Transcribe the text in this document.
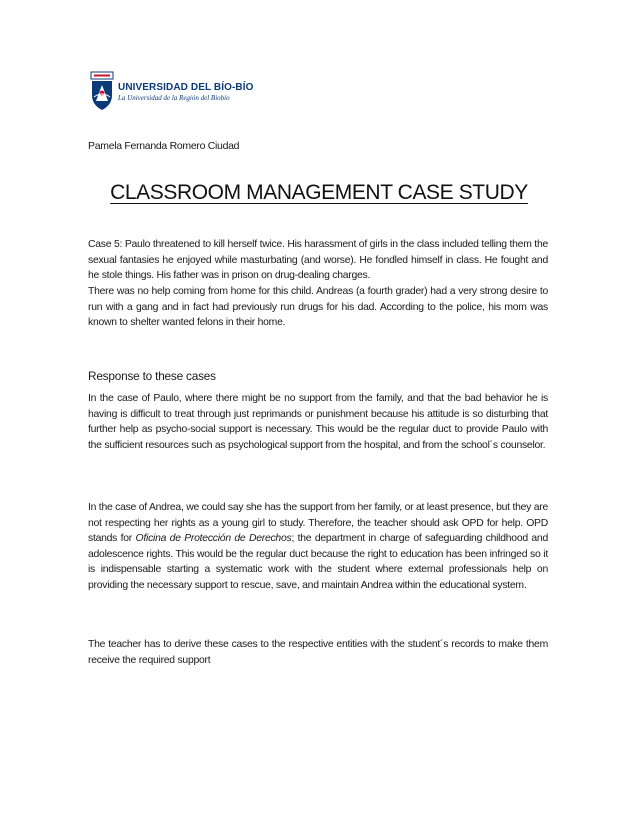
UNIVERSIDAD DEL BÍO-BÍO
La Universidad de la Región del Biobío
Pamela Fernanda Romero Ciudad
CLASSROOM MANAGEMENT CASE STUDY

Case 5: Paulo threatened to kill herself twice. His harassment of girls in the class included telling them the sexual fantasies he enjoyed while masturbating (and worse). He fondled himself in class. He fought and he stole things. His father was in prison on drug-dealing charges.

There was no help coming from home for this child. Andreas (a fourth grader) had a very strong desire to run with a gang and in fact had previously run drugs for his dad. According to the police, his mom was known to shelter wanted felons in their home.

Response to these cases

In the case of Paulo, where there might be no support from the family, and that the bad behavior he is having is difficult to treat through just reprimands or punishment because his attitude is so disturbing that further help as psycho-social support is necessary. This would be the regular duct to provide Paulo with the sufficient resources such as psychological support from the hospital, and from the school´s counselor.

In the case of Andrea, we could say she has the support from her family, or at least presence, but they are not respecting her rights as a young girl to study. Therefore, the teacher should ask OPD for help. OPD stands for Oficina de Protección de Derechos; the department in charge of safeguarding childhood and adolescence rights. This would be the regular duct because the right to education has been infringed so it is indispensable starting a systematic work with the student where external professionals help on providing the necessary support to rescue, save, and maintain Andrea within the educational system.

The teacher has to derive these cases to the respective entities with the student´s records to make them receive the required support
